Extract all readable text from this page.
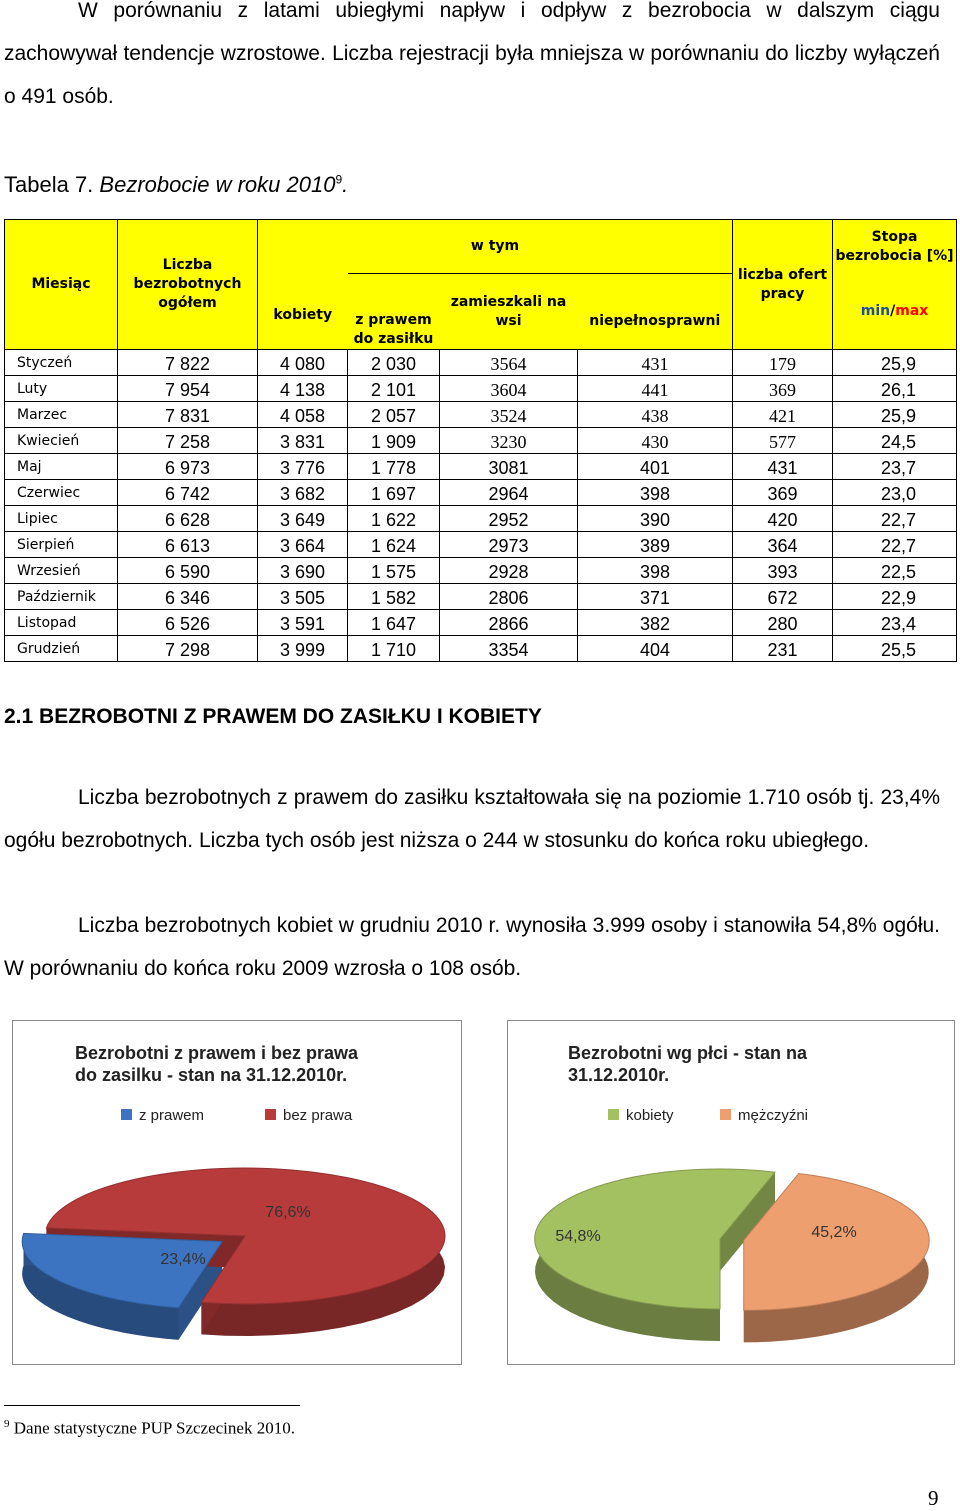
W porównaniu z latami ubiegłymi napływ i odpływ z bezrobocia w dalszym ciągu zachowywał tendencje wzrostowe. Liczba rejestracji była mniejsza w porównaniu do liczby wyłączeń o 491 osób.
Tabela 7. Bezrobocie w roku 2010$^9$.
Miesiąc	Liczba bezrobotnych ogółem	w tym				liczba ofert pracy	Stopa bezrobocia [%]
		kobiety	z prawem do zasiłku	zamieszkali na wsi	niepełnosprawni		min/max
Styczeń	7 822	4 080	2 030	3564	431	179	25,9
Luty	7 954	4 138	2 101	3604	441	369	26,1
Marzec	7 831	4 058	2 057	3524	438	421	25,9
Kwiecień	7 258	3 831	1 909	3230	430	577	24,5
Maj	6 973	3 776	1 778	3081	401	431	23,7
Czerwiec	6 742	3 682	1 697	2964	398	369	23,0
Lipiec	6 628	3 649	1 622	2952	390	420	22,7
Sierpień	6 613	3 664	1 624	2973	389	364	22,7
Wrzesień	6 590	3 690	1 575	2928	398	393	22,5
Październik	6 346	3 505	1 582	2806	371	672	22,9
Listopad	6 526	3 591	1 647	2866	382	280	23,4
Grudzień	7 298	3 999	1 710	3354	404	231	25,5
2.1 BEZROBOTNI Z PRAWEM DO ZASIŁKU I KOBIETY
Liczba bezrobotnych z prawem do zasiłku kształtowała się na poziomie 1.710 osób tj. 23,4% ogółu bezrobotnych. Liczba tych osób jest niższa o 244 w stosunku do końca roku ubiegłego.
Liczba bezrobotnych kobiet w grudniu 2010 r. wynosiła 3.999 osoby i stanowiła 54,8% ogółu. W porównaniu do końca roku 2009 wzrosła o 108 osób.
Bezrobotni z prawem i bez prawa do zasilku - stan na 31.12.2010r.
z prawem	bez prawa
23,4%
76,6%
Bezrobotni wg płci - stan na 31.12.2010r.
kobiety	mężczyźni
54,8%	45,2%
$^9$ Dane statystyczne PUP Szczecinek 2010.
9
